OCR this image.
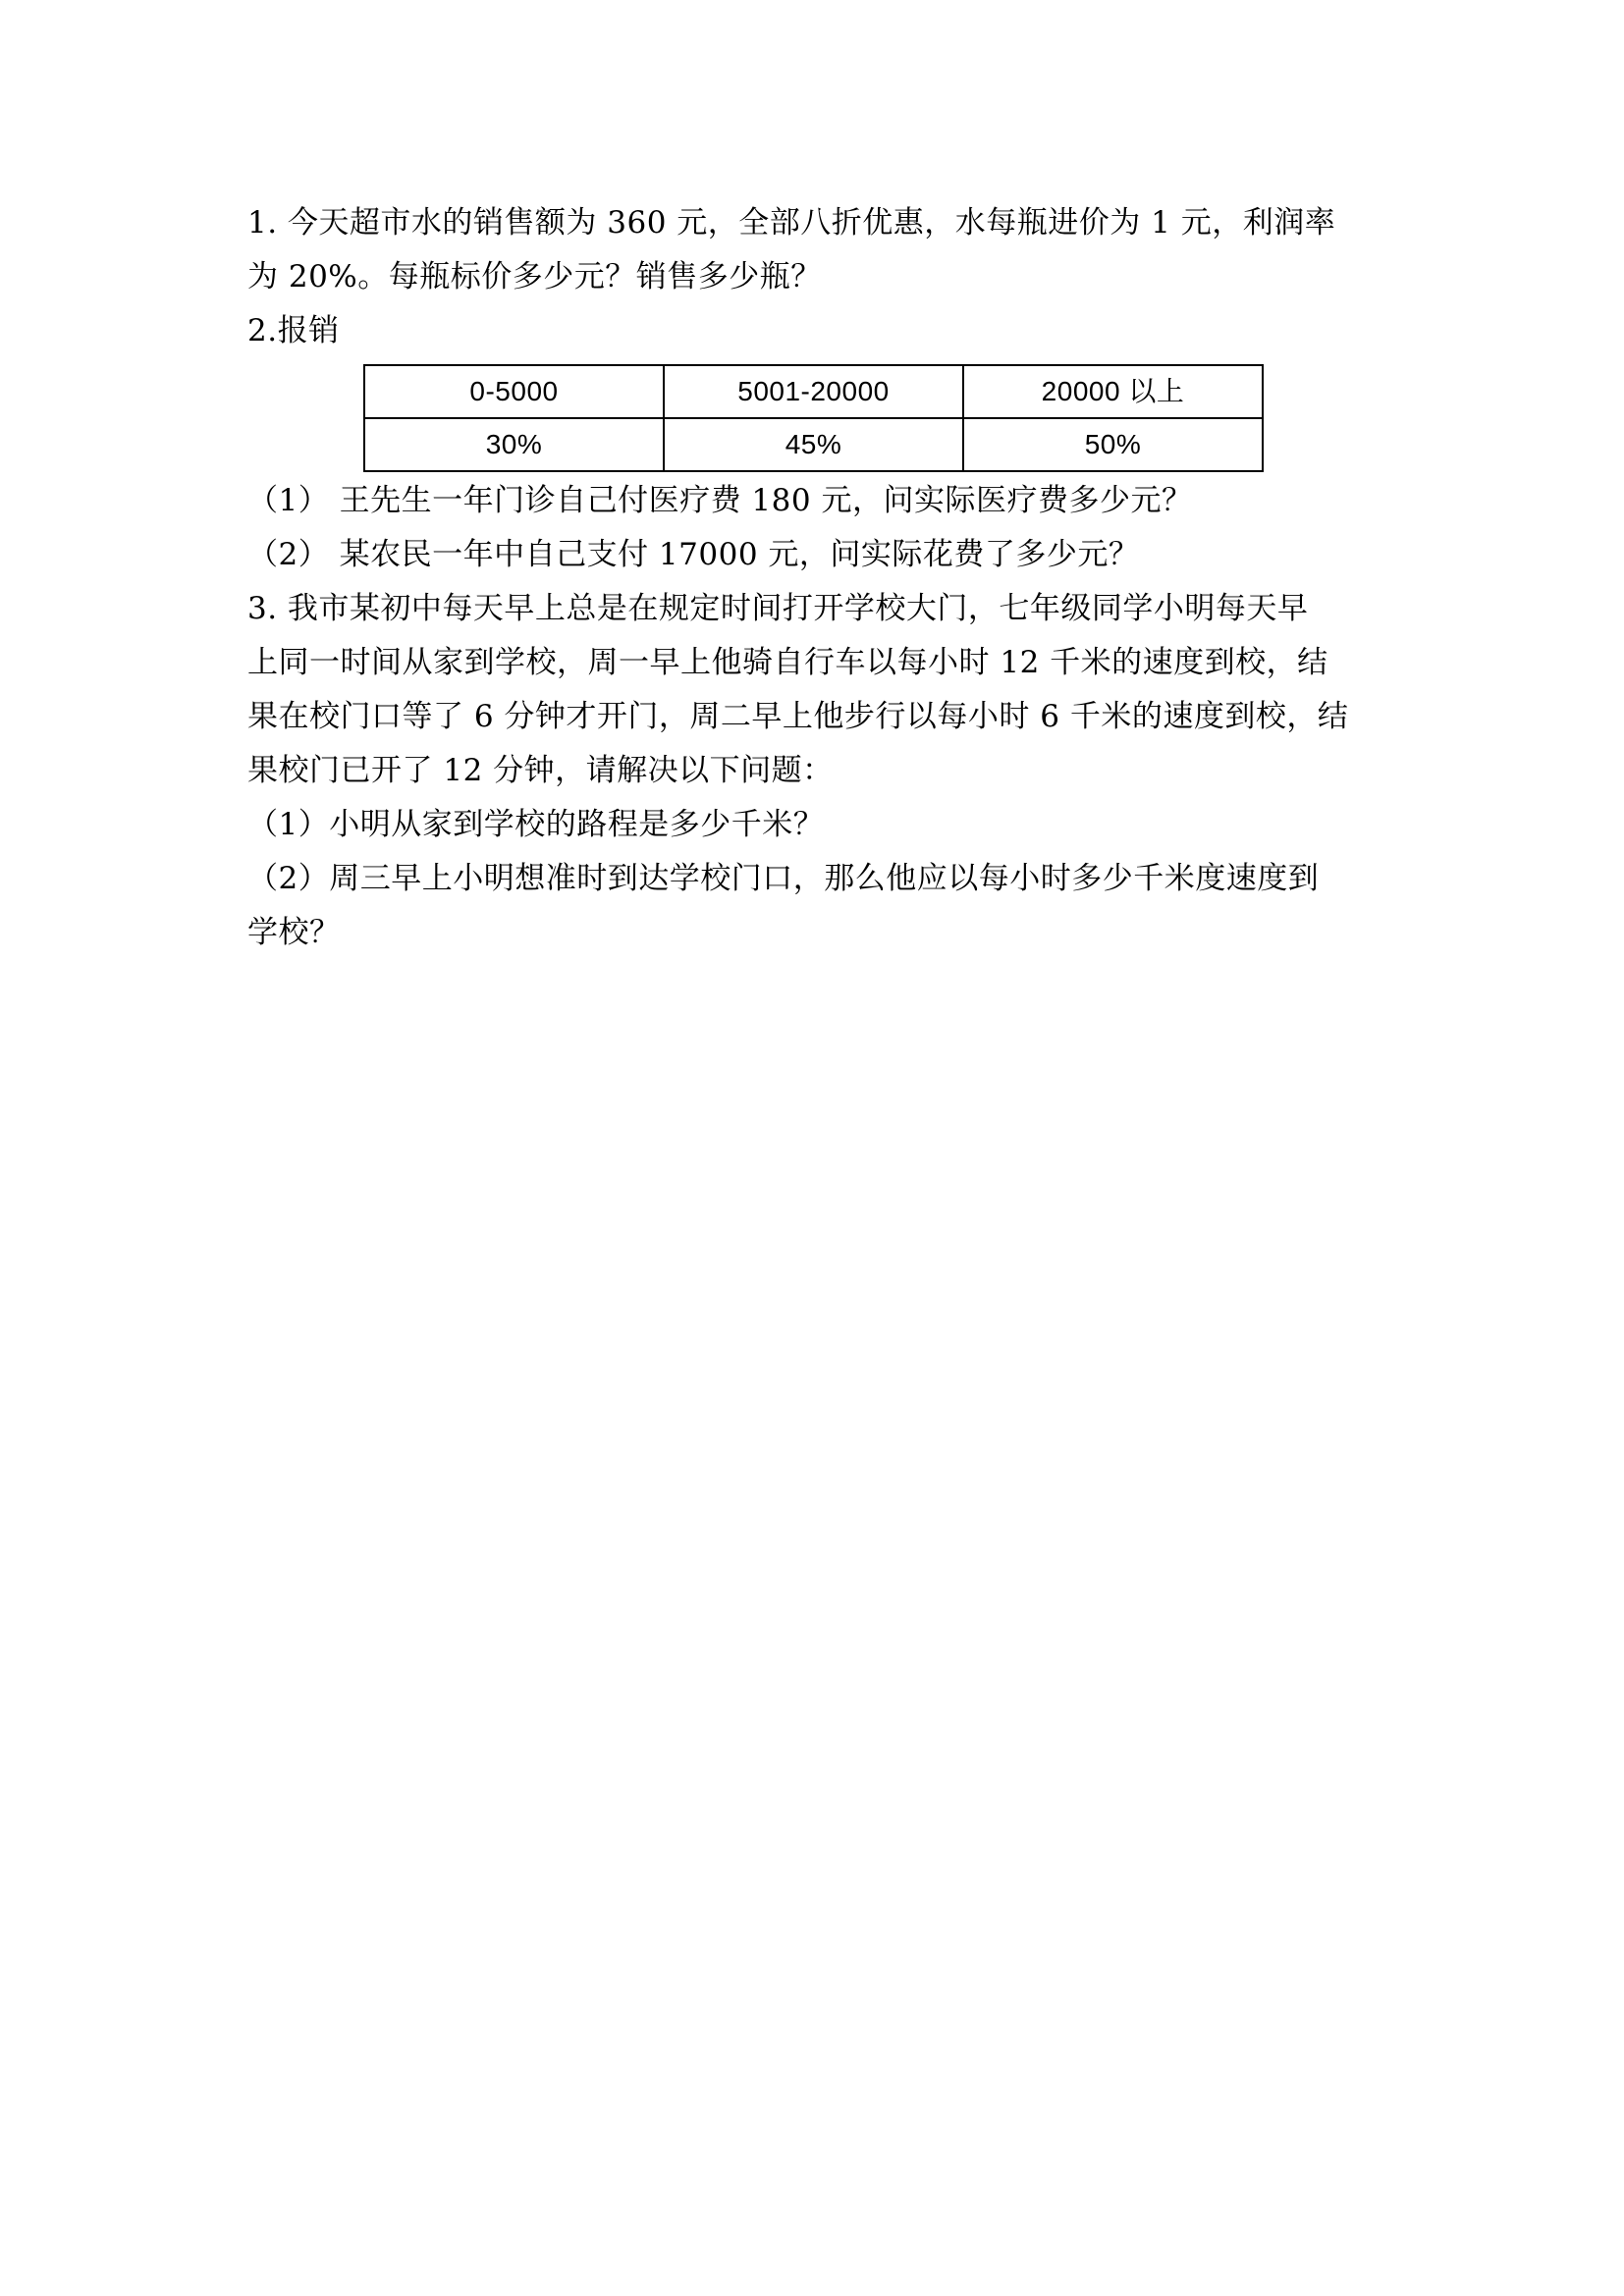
1. 今天超市水的销售额为 360 元，全部八折优惠，水每瓶进价为 1 元，利润率

为 20%。每瓶标价多少元？销售多少瓶？

2.报销

0-5000	5001-20000	20000 以上
30%	45%	50%

（1） 王先生一年门诊自己付医疗费 180 元，问实际医疗费多少元？

（2） 某农民一年中自己支付 17000 元，问实际花费了多少元？

3. 我市某初中每天早上总是在规定时间打开学校大门，七年级同学小明每天早

上同一时间从家到学校，周一早上他骑自行车以每小时 12 千米的速度到校，结

果在校门口等了 6 分钟才开门，周二早上他步行以每小时 6 千米的速度到校，结

果校门已开了 12 分钟，请解决以下问题：

（1）小明从家到学校的路程是多少千米？

（2）周三早上小明想准时到达学校门口，那么他应以每小时多少千米度速度到

学校？
